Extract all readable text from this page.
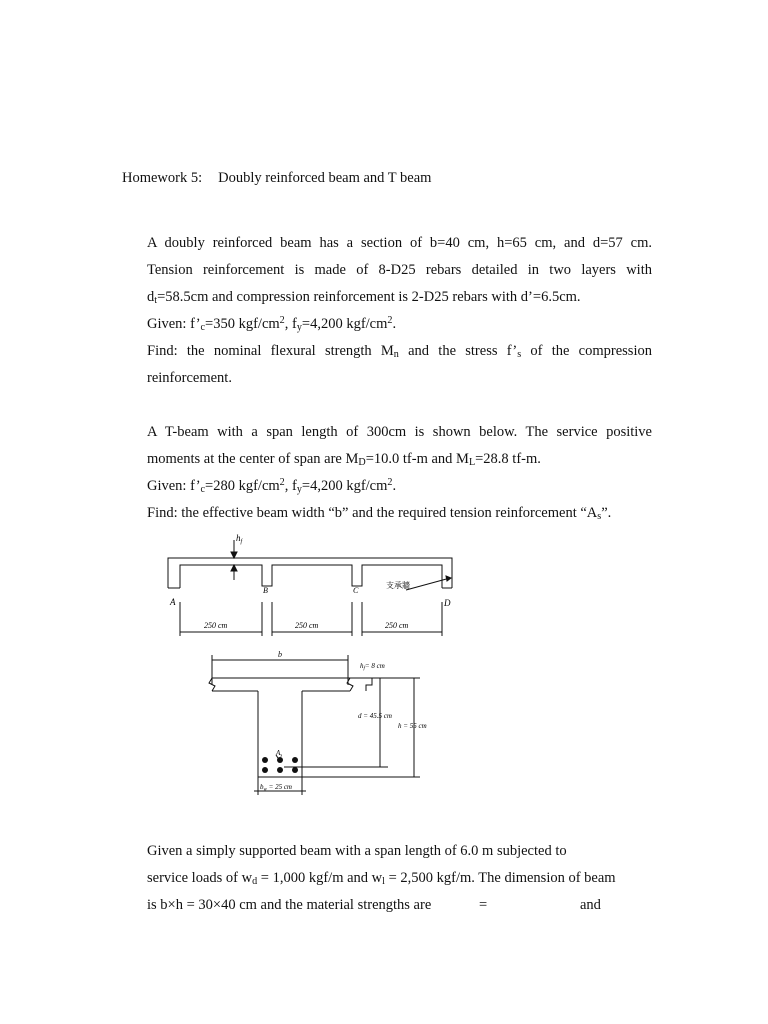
Homework 5: Doubly reinforced beam and T beam
A doubly reinforced beam has a section of b=40 cm, h=65 cm, and d=57 cm.
Tension reinforcement is made of 8-D25 rebars detailed in two layers with
$d_t=58.5cm$ and compression reinforcement is 2-D25 rebars with d’=6.5cm.
Given: $f’_c=350$ kgf/$cm^2$, $f_y=4,200$ kgf/$cm^2$.
Find: the nominal flexural strength $M_n$ and the stress $f’_s$ of the compression
reinforcement.
A T-beam with a span length of 300cm is shown below. The service positive
moments at the center of span are $M_D=10.0$ tf-m and $M_L=28.8$ tf-m.
Given: $f’_c=280$ kgf/$cm^2$, $f_y=4,200$ kgf/$cm^2$.
Find: the effective beam width “b” and the required tension reinforcement “$A_s$”.
$h_f$
A
B	C
D
支承牆
250 cm	250 cm	250 cm
b
$h_f= 8$ cm
d = 45.5 cm
h = 55 cm
$A_s$
$b_w = 25$ cm
Given a simply supported beam with a span length of 6.0 m subjected to
service loads of $w_d = 1,000$ kgf/m and $w_l = 2,500$ kgf/m. The dimension of beam
is b×h = 30×40 cm and the material strengths are	=	and
